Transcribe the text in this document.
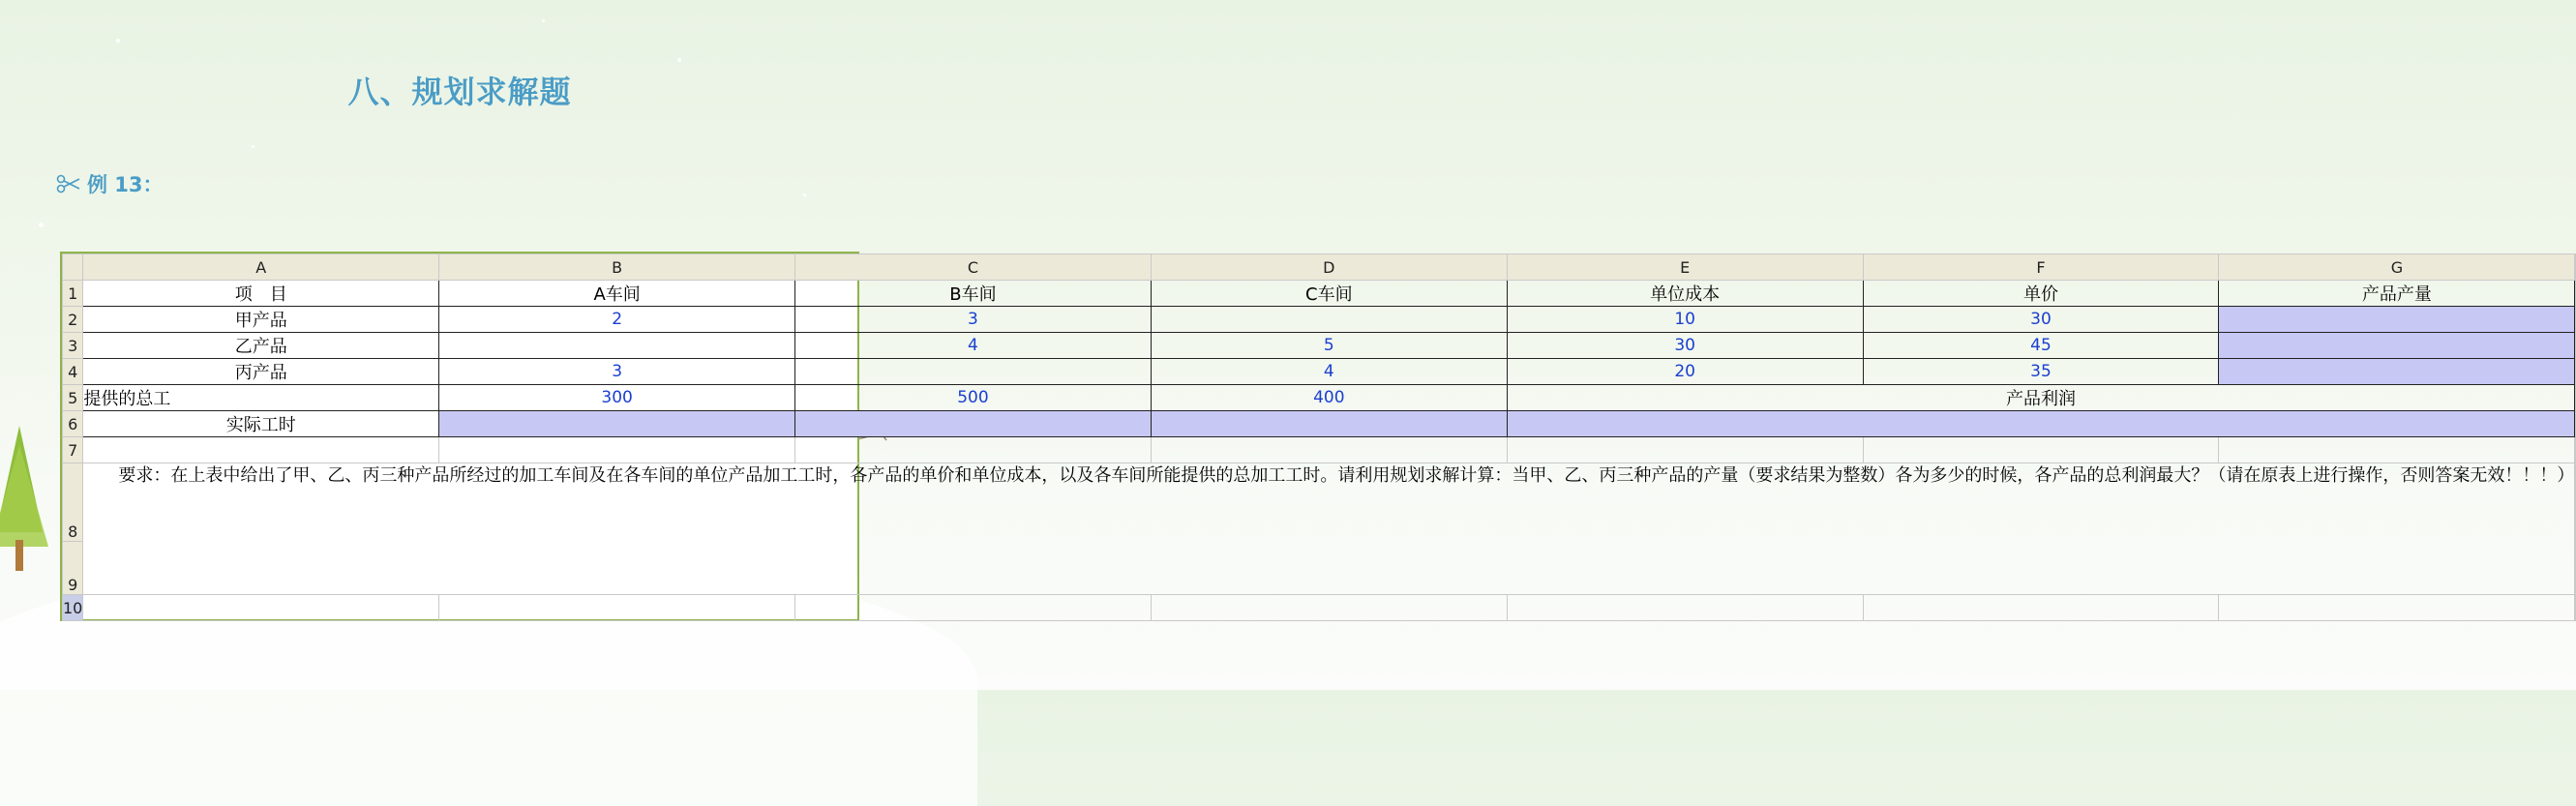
八、规划求解题
例 13：
	A	B	C	D	E	F	G	
1	项　目	A车间	B车间	C车间	单位成本	单价	产品产量	
2	甲产品	2	3		10	30		
3	乙产品		4	5	30	45		
4	丙产品	3		4	20	35		
5	提供的总工	300	500	400	产品利润			
6	实际工时							
7								
8	　　要求：在上表中给出了甲、乙、丙三种产品所经过的加工车间及在各车间的单位产品加工工时，各产品的单价和单位成本，以及各车间所能提供的总加工工时。请利用规划求解计算：当甲、乙、丙三种产品的产量（要求结果为整数）各为多少的时候，各产品的总利润最大？（请在原表上进行操作，否则答案无效！！！）							
9								
10								
